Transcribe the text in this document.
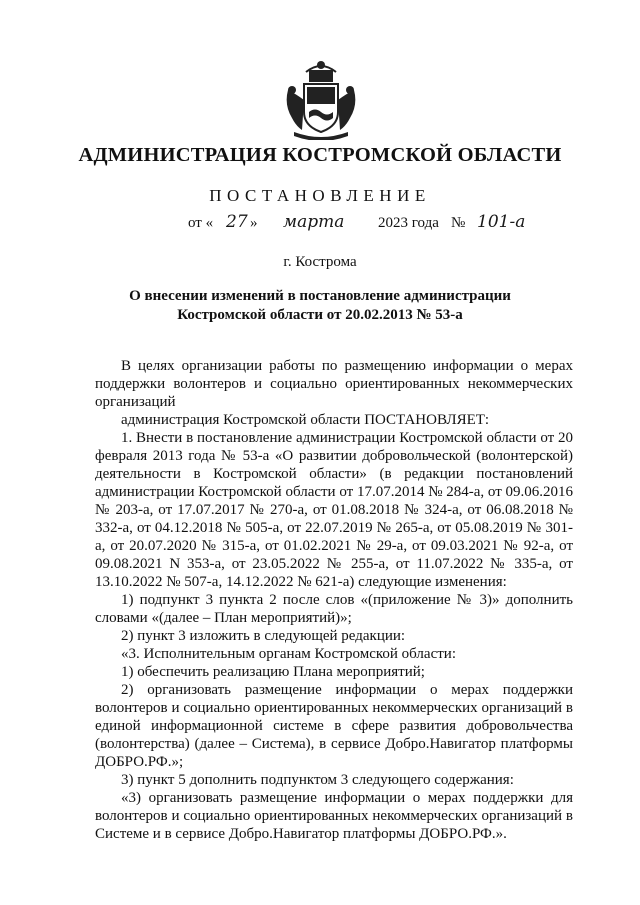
АДМИНИСТРАЦИЯ КОСТРОМСКОЙ ОБЛАСТИ
ПОСТАНОВЛЕНИЕ
от « 27 » марта 2023 года № 101-а
г. Кострома
О внесении изменений в постановление администрации
Костромской области от 20.02.2013 № 53-а

В целях организации работы по размещению информации о мерах поддержки волонтеров и социально ориентированных некоммерческих организаций

администрация Костромской области ПОСТАНОВЛЯЕТ:

1. Внести в постановление администрации Костромской области от 20 февраля 2013 года № 53-а «О развитии добровольческой (волонтерской) деятельности в Костромской области» (в редакции постановлений администрации Костромской области от 17.07.2014 № 284-а, от 09.06.2016 № 203-а, от 17.07.2017 № 270-а, от 01.08.2018 № 324-а, от 06.08.2018 № 332-а, от 04.12.2018 № 505-а, от 22.07.2019 № 265-а, от 05.08.2019 № 301-а, от 20.07.2020 № 315-а, от 01.02.2021 № 29-а, от 09.03.2021 № 92-а, от 09.08.2021 N 353-а, от 23.05.2022 № 255-а, от 11.07.2022 № 335-а, от 13.10.2022 № 507-а, 14.12.2022 № 621-а) следующие изменения:

1) подпункт 3 пункта 2 после слов «(приложение № 3)» дополнить словами «(далее – План мероприятий)»;

2) пункт 3 изложить в следующей редакции:

«3. Исполнительным органам Костромской области:

1) обеспечить реализацию Плана мероприятий;

2) организовать размещение информации о мерах поддержки волонтеров и социально ориентированных некоммерческих организаций в единой информационной системе в сфере развития добровольчества (волонтерства) (далее – Система), в сервисе Добро.Навигатор платформы ДОБРО.РФ.»;

3) пункт 5 дополнить подпунктом 3 следующего содержания:

«3) организовать размещение информации о мерах поддержки для волонтеров и социально ориентированных некоммерческих организаций в Системе и в сервисе Добро.Навигатор платформы ДОБРО.РФ.».
